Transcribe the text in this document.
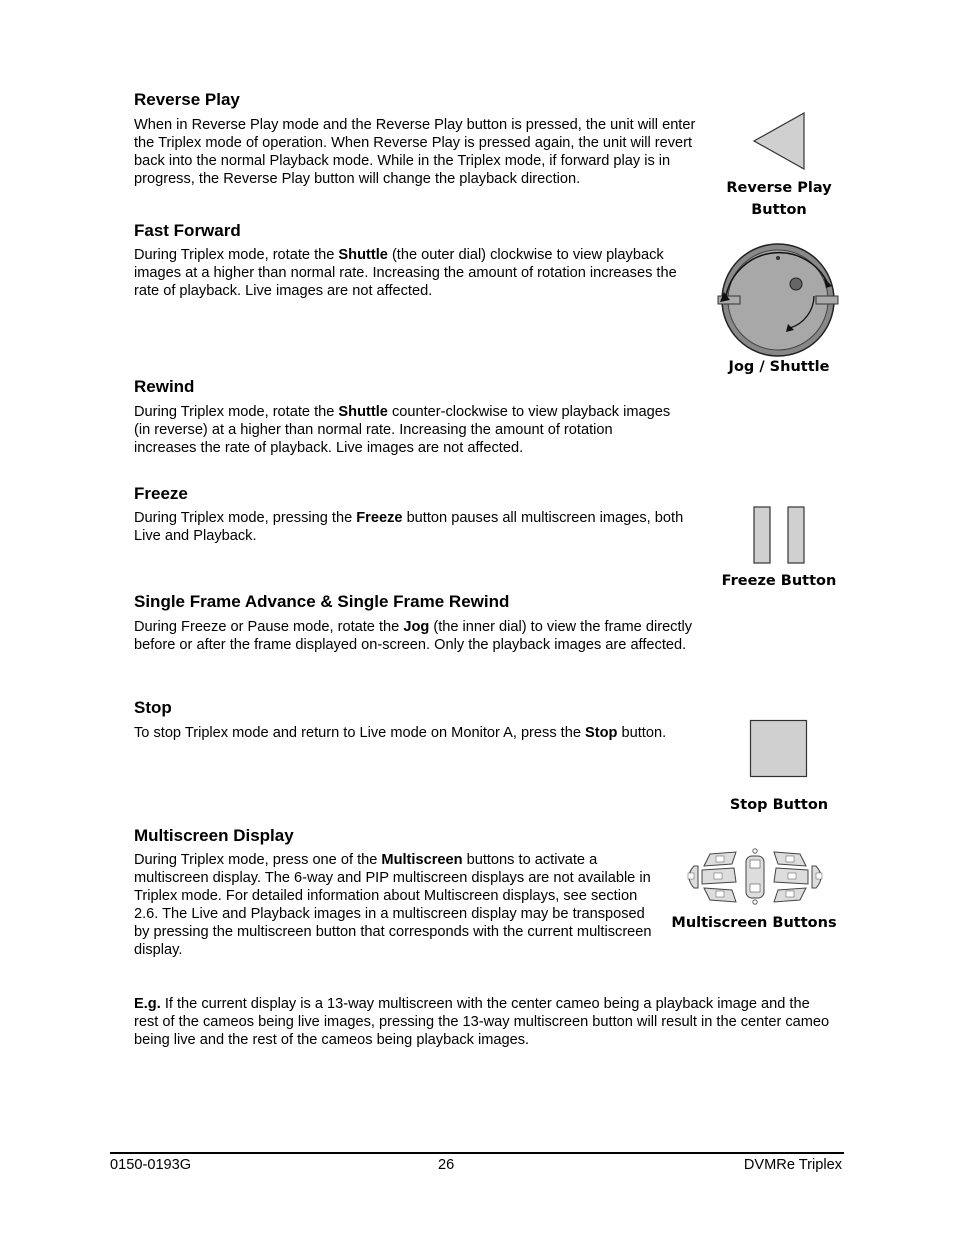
Reverse Play

When in Reverse Play mode and the Reverse Play button is pressed, the unit will enter the Triplex mode of operation. When Reverse Play is pressed again, the unit will revert back into the normal Playback mode. While in the Triplex mode, if forward play is in progress, the Reverse Play button will change the playback direction.

Reverse Play
Button
Fast Forward

During Triplex mode, rotate the Shuttle (the outer dial) clockwise to view playback images at a higher than normal rate. Increasing the amount of rotation increases the rate of playback. Live images are not affected.

Jog / Shuttle
Rewind

During Triplex mode, rotate the Shuttle counter-clockwise to view playback images (in reverse) at a higher than normal rate. Increasing the amount of rotation increases the rate of playback. Live images are not affected.

Freeze

During Triplex mode, pressing the Freeze button pauses all multiscreen images, both Live and Playback.

Freeze Button
Single Frame Advance & Single Frame Rewind

During Freeze or Pause mode, rotate the Jog (the inner dial) to view the frame directly before or after the frame displayed on-screen. Only the playback images are affected.

Stop

To stop Triplex mode and return to Live mode on Monitor A, press the Stop button.

Stop Button
Multiscreen Display

During Triplex mode, press one of the Multiscreen buttons to activate a multiscreen display. The 6-way and PIP multiscreen displays are not available in Triplex mode. For detailed information about Multiscreen displays, see section 2.6. The Live and Playback images in a multiscreen display may be transposed by pressing the multiscreen button that corresponds with the current multiscreen display.

Multiscreen Buttons

E.g. If the current display is a 13-way multiscreen with the center cameo being a playback image and the rest of the cameos being live images, pressing the 13-way multiscreen button will result in the center cameo being live and the rest of the cameos being playback images.

0150-0193G	26	DVMRe Triplex
